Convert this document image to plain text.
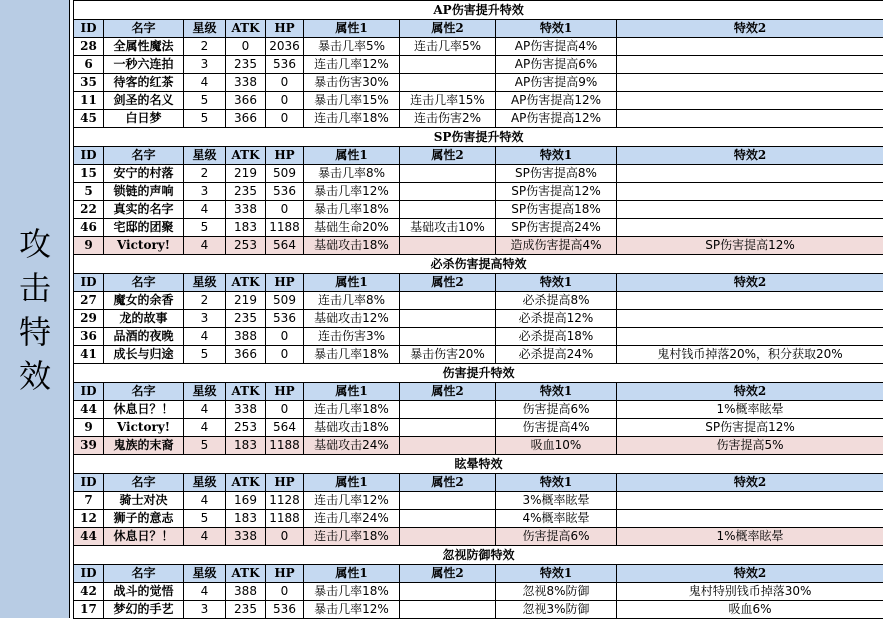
攻
击
特
效
AP伤害提升特效								
ID	名字	星级	ATK	HP	属性1	属性2	特效1	特效2
28	全属性魔法	2	0	2036	暴击几率5%	连击几率5%	AP伤害提高4%	
6	一秒六连拍	3	235	536	连击几率12%		AP伤害提高6%	
35	待客的红茶	4	338	0	暴击伤害30%		AP伤害提高9%	
11	剑圣的名义	5	366	0	暴击几率15%	连击几率15%	AP伤害提高12%	
45	白日梦	5	366	0	连击几率18%	连击伤害2%	AP伤害提高12%	
SP伤害提升特效								
ID	名字	星级	ATK	HP	属性1	属性2	特效1	特效2
15	安宁的村落	2	219	509	暴击几率8%		SP伤害提高8%	
5	锁链的声响	3	235	536	暴击几率12%		SP伤害提高12%	
22	真实的名字	4	338	0	暴击几率18%		SP伤害提高18%	
46	宅邸的团聚	5	183	1188	基础生命20%	基础攻击10%	SP伤害提高24%	
9	Victory!	4	253	564	基础攻击18%		造成伤害提高4%	SP伤害提高12%
必杀伤害提高特效								
ID	名字	星级	ATK	HP	属性1	属性2	特效1	特效2
27	魔女的余香	2	219	509	连击几率8%		必杀提高8%	
29	龙的故事	3	235	536	基础攻击12%		必杀提高12%	
36	品酒的夜晚	4	388	0	连击伤害3%		必杀提高18%	
41	成长与归途	5	366	0	暴击几率18%	暴击伤害20%	必杀提高24%	鬼村钱币掉落20%，积分获取20%
伤害提升特效								
ID	名字	星级	ATK	HP	属性1	属性2	特效1	特效2
44	休息日？！	4	338	0	连击几率18%		伤害提高6%	1%概率眩晕
9	Victory!	4	253	564	基础攻击18%		伤害提高4%	SP伤害提高12%
39	鬼族的末裔	5	183	1188	基础攻击24%		吸血10%	伤害提高5%
眩晕特效								
ID	名字	星级	ATK	HP	属性1	属性2	特效1	特效2
7	骑士对决	4	169	1128	连击几率12%		3%概率眩晕	
12	狮子的意志	5	183	1188	连击几率24%		4%概率眩晕	
44	休息日？！	4	338	0	连击几率18%		伤害提高6%	1%概率眩晕
忽视防御特效								
ID	名字	星级	ATK	HP	属性1	属性2	特效1	特效2
42	战斗的觉悟	4	388	0	暴击几率18%		忽视8%防御	鬼村特别钱币掉落30%
17	梦幻的手艺	3	235	536	暴击几率12%		忽视3%防御	吸血6%
